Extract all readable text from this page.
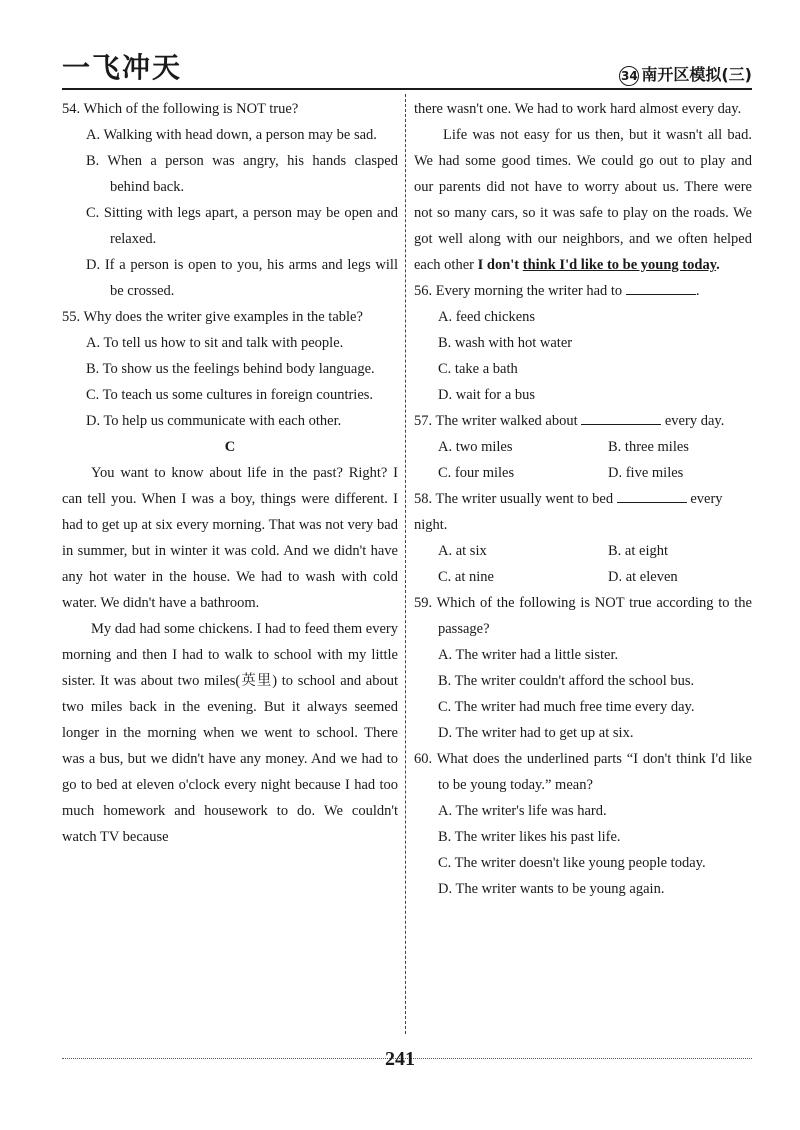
一飞冲天	34 南开区模拟(三)

54. Which of the following is NOT true?

A. Walking with head down, a person may be sad.

B. When a person was angry, his hands clasped behind back.

C. Sitting with legs apart, a person may be open and relaxed.

D. If a person is open to you, his arms and legs will be crossed.

55. Why does the writer give examples in the table?

A. To tell us how to sit and talk with people.

B. To show us the feelings behind body language.

C. To teach us some cultures in foreign countries.

D. To help us communicate with each other.

C

You want to know about life in the past? Right? I can tell you. When I was a boy, things were different. I had to get up at six every morning. That was not very bad in summer, but in winter it was cold. And we didn't have any hot water in the house. We had to wash with cold water. We didn't have a bathroom.

My dad had some chickens. I had to feed them every morning and then I had to walk to school with my little sister. It was about two miles(英里) to school and about two miles back in the evening. But it always seemed longer in the morning when we went to school. There was a bus, but we didn't have any money. And we had to go to bed at eleven o'clock every night because I had too much homework and housework to do. We couldn't watch TV because

there wasn't one. We had to work hard almost every day.

Life was not easy for us then, but it wasn't all bad. We had some good times. We could go out to play and our parents did not have to worry about us. There were not so many cars, so it was safe to play on the roads. We got well along with our neighbors, and we often helped each other I don't think I'd like to be young today.

56. Every morning the writer had to	.

A. feed chickens

B. wash with hot water

C. take a bath

D. wait for a bus

57. The writer walked about	every day.

A. two miles	B. three miles
C. four miles	D. five miles

58. The writer usually went to bed	every night.

A. at six	B. at eight
C. at nine	D. at eleven

59. Which of the following is NOT true according to the passage?

A. The writer had a little sister.

B. The writer couldn't afford the school bus.

C. The writer had much free time every day.

D. The writer had to get up at six.

60. What does the underlined parts “I don't think I'd like to be young today.” mean?

A. The writer's life was hard.

B. The writer likes his past life.

C. The writer doesn't like young people today.

D. The writer wants to be young again.

241
